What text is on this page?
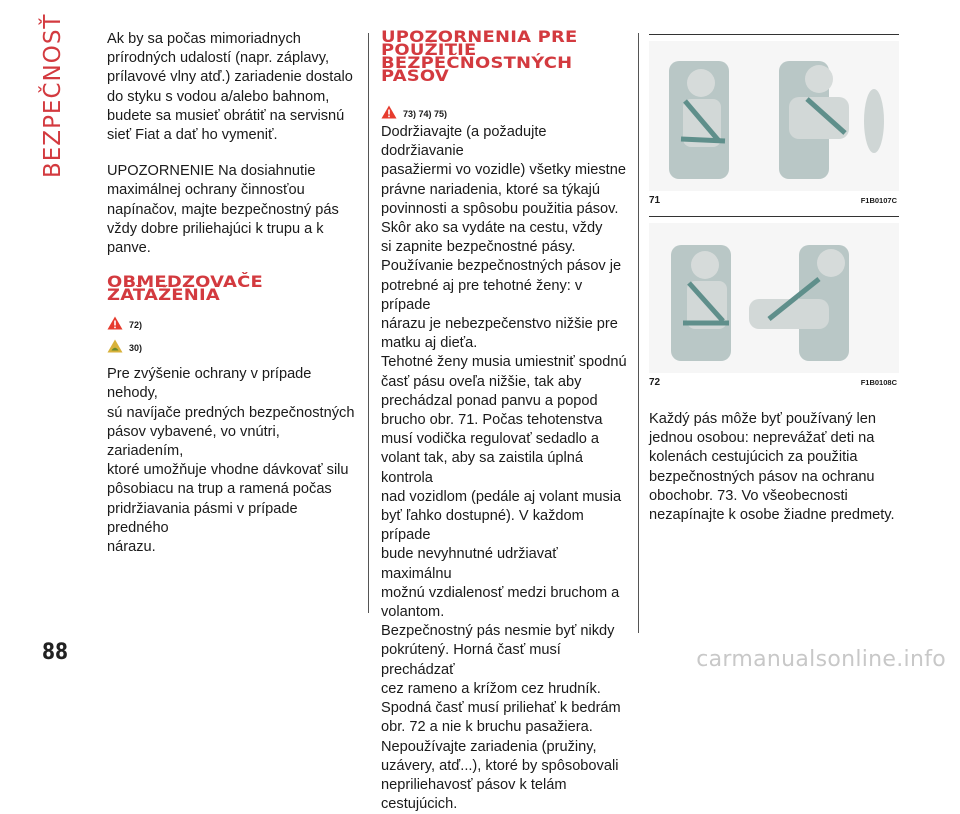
BEZPEČNOSŤ
88

Ak by sa počas mimoriadnych
prírodných udalostí (napr. záplavy,
prílavové vlny atď.) zariadenie dostalo
do styku s vodou a/alebo bahnom,
budete sa musieť obrátiť na servisnú
sieť Fiat a dať ho vymeniť.

UPOZORNENIE Na dosiahnutie
maximálnej ochrany činnosťou
napínačov, majte bezpečnostný pás
vždy dobre priliehajúci k trupu a k
panve.

OBMEDZOVAČE
ZAŤAŽENIA
72)
30)

Pre zvýšenie ochrany v prípade nehody,
sú navíjače predných bezpečnostných
pásov vybavené, vo vnútri, zariadením,
ktoré umožňuje vhodne dávkovať silu
pôsobiacu na trup a ramená počas
pridržiavania pásmi v prípade predného
nárazu.

UPOZORNENIA PRE
POUŽITIE
BEZPEČNOSTNÝCH
PÁSOV
73) 74) 75)

Dodržiavajte (a požadujte dodržiavanie
pasažiermi vo vozidle) všetky miestne
právne nariadenia, ktoré sa týkajú
povinnosti a spôsobu použitia pásov.
Skôr ako sa vydáte na cestu, vždy
si zapnite bezpečnostné pásy.

Používanie bezpečnostných pásov je
potrebné aj pre tehotné ženy: v prípade
nárazu je nebezpečenstvo nižšie pre
matku aj dieťa.

Tehotné ženy musia umiestniť spodnú
časť pásu oveľa nižšie, tak aby
prechádzal ponad panvu a popod
brucho obr. 71. Počas tehotenstva
musí vodička regulovať sedadlo a
volant tak, aby sa zaistila úplná kontrola
nad vozidlom (pedále aj volant musia
byť ľahko dostupné). V každom prípade
bude nevyhnutné udržiavať maximálnu
možnú vzdialenosť medzi bruchom a
volantom.

Bezpečnostný pás nesmie byť nikdy
pokrútený. Horná časť musí prechádzať
cez rameno a krížom cez hrudník.
Spodná časť musí priliehať k bedrám
obr. 72 a nie k bruchu pasažiera.
Nepoužívajte zariadenia (pružiny,
uzávery, atď...), ktoré by spôsobovali
nepriliehavosť pásov k telám
cestujúcich.

71	F1B0107C
72	F1B0108C

Každý pás môže byť používaný len
jednou osobou: neprevážať deti na
kolenách cestujúcich za použitia
bezpečnostných pásov na ochranu
obochobr. 73. Vo všeobecnosti
nezapínajte k osobe žiadne predmety.

carmanualsonline.info
